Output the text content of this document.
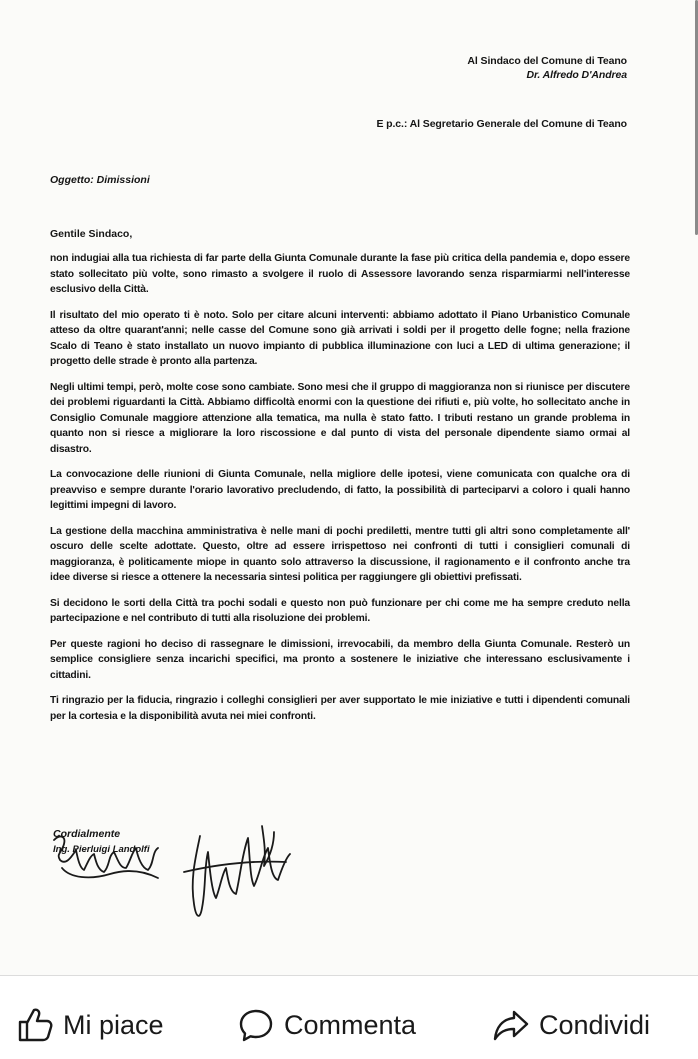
Al Sindaco del Comune di Teano
Dr. Alfredo D'Andrea
E p.c.: Al Segretario Generale del Comune di Teano
Oggetto: Dimissioni
Gentile Sindaco,

non indugiai alla tua richiesta di far parte della Giunta Comunale durante la fase più critica della pandemia e, dopo essere stato sollecitato più volte, sono rimasto a svolgere il ruolo di Assessore lavorando senza risparmiarmi nell'interesse esclusivo della Città.

Il risultato del mio operato ti è noto. Solo per citare alcuni interventi: abbiamo adottato il Piano Urbanistico Comunale atteso da oltre quarant'anni; nelle casse del Comune sono già arrivati i soldi per il progetto delle fogne; nella frazione Scalo di Teano è stato installato un nuovo impianto di pubblica illuminazione con luci a LED di ultima generazione; il progetto delle strade è pronto alla partenza.

Negli ultimi tempi, però, molte cose sono cambiate. Sono mesi che il gruppo di maggioranza non si riunisce per discutere dei problemi riguardanti la Città. Abbiamo difficoltà enormi con la questione dei rifiuti e, più volte, ho sollecitato anche in Consiglio Comunale maggiore attenzione alla tematica, ma nulla è stato fatto. I tributi restano un grande problema in quanto non si riesce a migliorare la loro riscossione e dal punto di vista del personale dipendente siamo ormai al disastro.

La convocazione delle riunioni di Giunta Comunale, nella migliore delle ipotesi, viene comunicata con qualche ora di preavviso e sempre durante l'orario lavorativo precludendo, di fatto, la possibilità di parteciparvi a coloro i quali hanno legittimi impegni di lavoro.

La gestione della macchina amministrativa è nelle mani di pochi prediletti, mentre tutti gli altri sono completamente all' oscuro delle scelte adottate. Questo, oltre ad essere irrispettoso nei confronti di tutti i consiglieri comunali di maggioranza, è politicamente miope in quanto solo attraverso la discussione, il ragionamento e il confronto anche tra idee diverse si riesce a ottenere la necessaria sintesi politica per raggiungere gli obiettivi prefissati.

Si decidono le sorti della Città tra pochi sodali e questo non può funzionare per chi come me ha sempre creduto nella partecipazione e nel contributo di tutti alla risoluzione dei problemi.

Per queste ragioni ho deciso di rassegnare le dimissioni, irrevocabili, da membro della Giunta Comunale. Resterò un semplice consigliere senza incarichi specifici, ma pronto a sostenere le iniziative che interessano esclusivamente i cittadini.

Ti ringrazio per la fiducia, ringrazio i colleghi consiglieri per aver supportato le mie iniziative e tutti i dipendenti comunali per la cortesia e la disponibilità avuta nei miei confronti.

Cordialmente
Ing. Pierluigi Landolfi
Mi piace	Commenta	Condividi
